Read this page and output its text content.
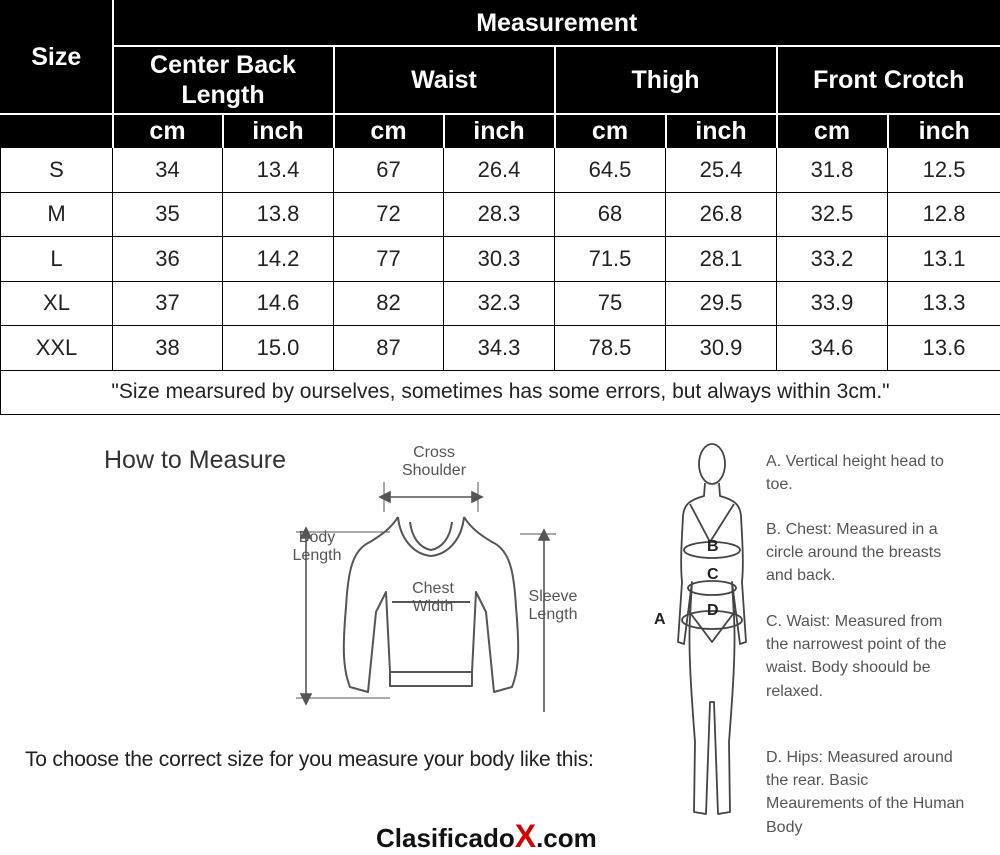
Size	Measurement							
	Center Back Length		Waist		Thigh		Front Crotch	
	cm	inch	cm	inch	cm	inch	cm	inch
S	34	13.4	67	26.4	64.5	25.4	31.8	12.5
M	35	13.8	72	28.3	68	26.8	32.5	12.8
L	36	14.2	77	30.3	71.5	28.1	33.2	13.1
XL	37	14.6	82	32.3	75	29.5	33.9	13.3
XXL	38	15.0	87	34.3	78.5	30.9	34.6	13.6
"Size mearsured by ourselves, sometimes has some errors, but always within 3cm."								
How to Measure	Cross Shoulder
Body Length
Chest Width
Sleeve Length
To choose the correct size for you measure your body like this:
A
B
C
D
A. Vertical height head to toe.
B. Chest: Measured in a circle around the breasts and back.
C. Waist: Measured from the narrowest point of the waist. Body shoould be relaxed.
D. Hips: Measured around the rear. Basic Meaurements of the Human Body
ClasificadoX.com
